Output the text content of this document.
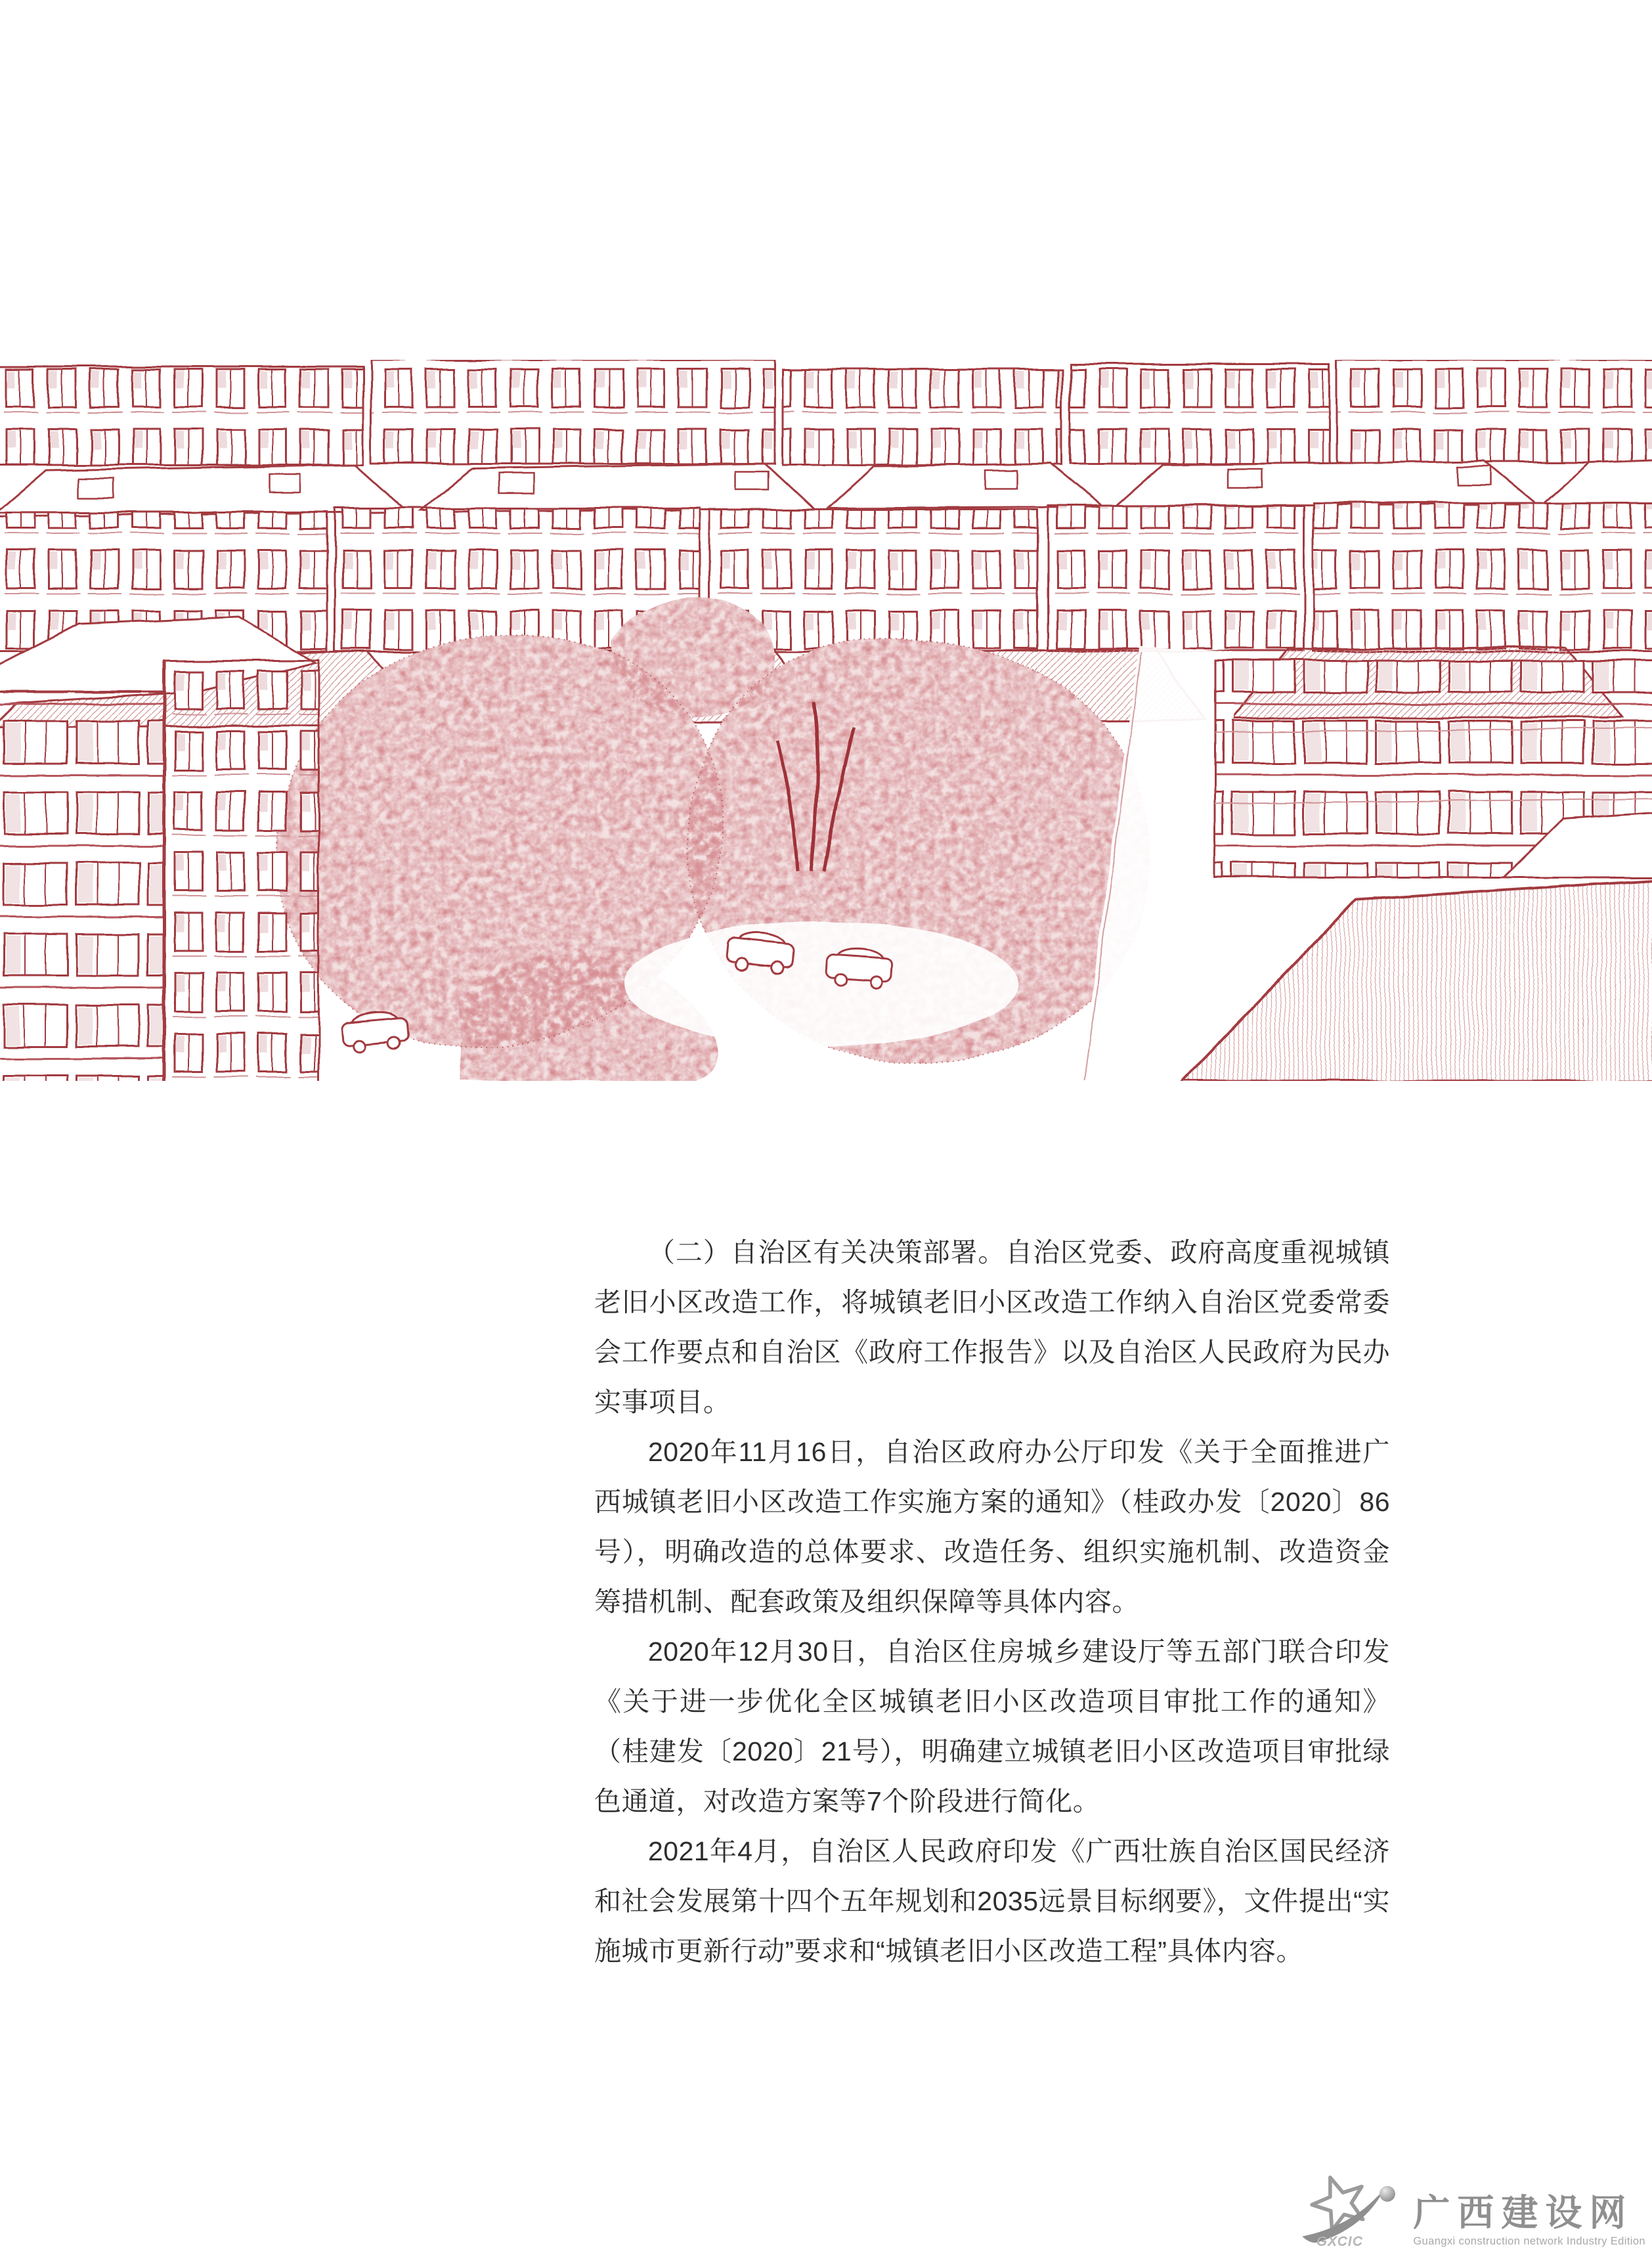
（二）自治区有关决策部署。自治区党委、政府高度重视城镇老旧小区改造工作，将城镇老旧小区改造工作纳入自治区党委常委会工作要点和自治区《政府工作报告》以及自治区人民政府为民办实事项目。

2020年11月16日，自治区政府办公厅印发《关于全面推进广西城镇老旧小区改造工作实施方案的通知》（桂政办发〔2020〕86号），明确改造的总体要求、改造任务、组织实施机制、改造资金筹措机制、配套政策及组织保障等具体内容。

2020年12月30日，自治区住房城乡建设厅等五部门联合印发《关于进一步优化全区城镇老旧小区改造项目审批工作的通知》（桂建发〔2020〕21号），明确建立城镇老旧小区改造项目审批绿色通道，对改造方案等7个阶段进行简化。

2021年4月，自治区人民政府印发《广西壮族自治区国民经济和社会发展第十四个五年规划和2035远景目标纲要》，文件提出“实施城市更新行动”要求和“城镇老旧小区改造工程”具体内容。

GXCIC
广西建设网
Guangxi construction network Industry Edition
